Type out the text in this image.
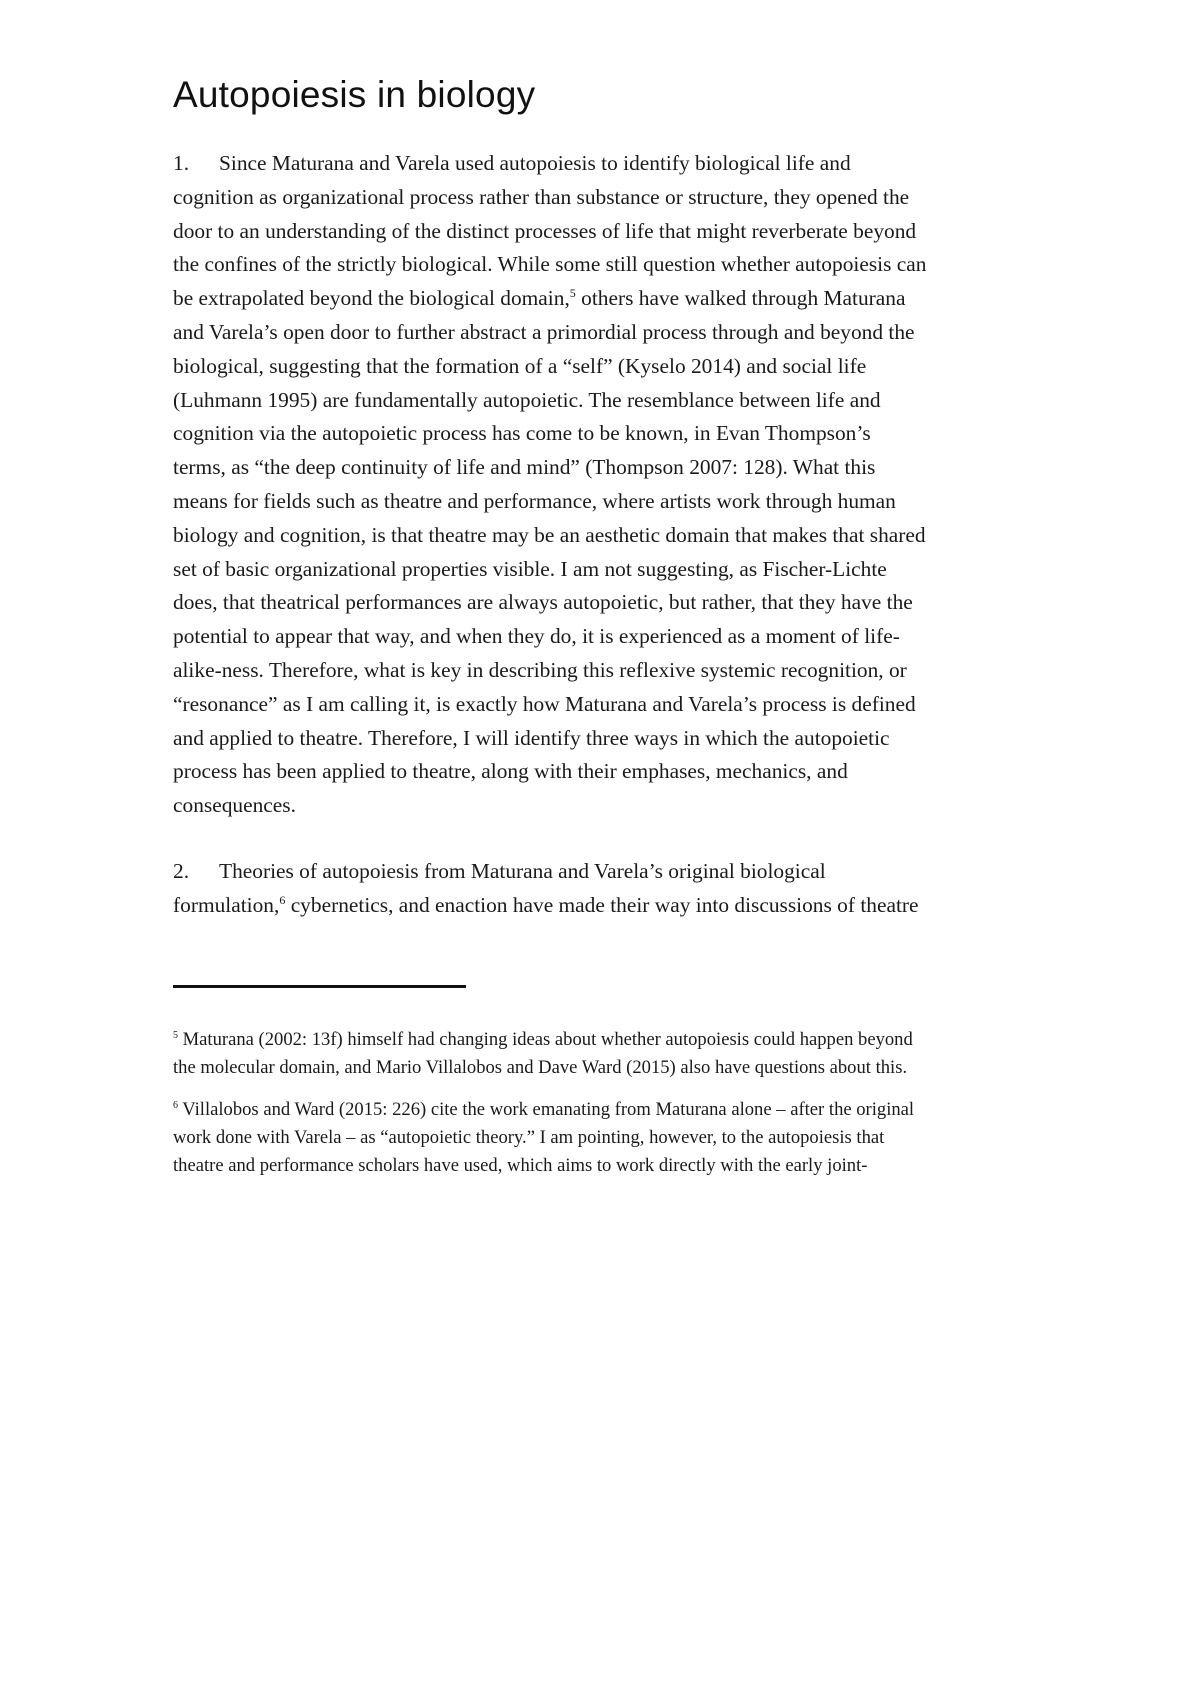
Autopoiesis in biology
1. Since Maturana and Varela used autopoiesis to identify biological life and
cognition as organizational process rather than substance or structure, they opened the
door to an understanding of the distinct processes of life that might reverberate beyond
the confines of the strictly biological. While some still question whether autopoiesis can
be extrapolated beyond the biological domain,$^5$ others have walked through Maturana
and Varela’s open door to further abstract a primordial process through and beyond the
biological, suggesting that the formation of a “self” (Kyselo 2014) and social life
(Luhmann 1995) are fundamentally autopoietic. The resemblance between life and
cognition via the autopoietic process has come to be known, in Evan Thompson’s
terms, as “the deep continuity of life and mind” (Thompson 2007: 128). What this
means for fields such as theatre and performance, where artists work through human
biology and cognition, is that theatre may be an aesthetic domain that makes that shared
set of basic organizational properties visible. I am not suggesting, as Fischer-Lichte
does, that theatrical performances are always autopoietic, but rather, that they have the
potential to appear that way, and when they do, it is experienced as a moment of life-
alike-ness. Therefore, what is key in describing this reflexive systemic recognition, or
“resonance” as I am calling it, is exactly how Maturana and Varela’s process is defined
and applied to theatre. Therefore, I will identify three ways in which the autopoietic
process has been applied to theatre, along with their emphases, mechanics, and
consequences.
2. Theories of autopoiesis from Maturana and Varela’s original biological
formulation,$^6$ cybernetics, and enaction have made their way into discussions of theatre
$^5$ Maturana (2002: 13f) himself had changing ideas about whether autopoiesis could happen beyond
the molecular domain, and Mario Villalobos and Dave Ward (2015) also have questions about this.
$^6$ Villalobos and Ward (2015: 226) cite the work emanating from Maturana alone – after the original
work done with Varela – as “autopoietic theory.” I am pointing, however, to the autopoiesis that
theatre and performance scholars have used, which aims to work directly with the early joint-
